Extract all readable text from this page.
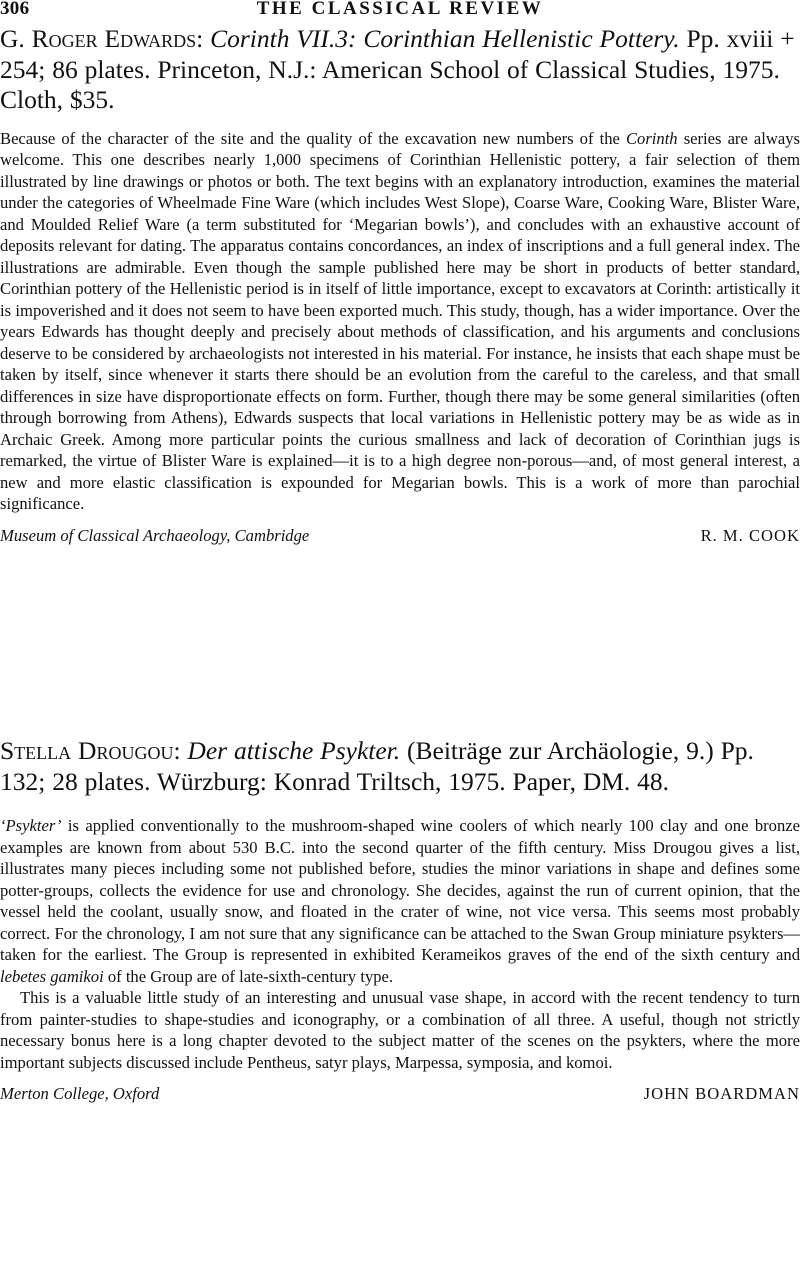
306	THE CLASSICAL REVIEW
G. Roger Edwards: Corinth VII.3: Corinthian Hellenistic Pottery. Pp. xviii + 254; 86 plates. Princeton, N.J.: American School of Classical Studies, 1975. Cloth, $35.

Because of the character of the site and the quality of the excavation new numbers of the Corinth series are always welcome. This one describes nearly 1,000 specimens of Corinthian Hellenistic pottery, a fair selection of them illustrated by line drawings or photos or both. The text begins with an explanatory introduction, examines the material under the categories of Wheelmade Fine Ware (which includes West Slope), Coarse Ware, Cooking Ware, Blister Ware, and Moulded Relief Ware (a term substituted for ‘Megarian bowls’), and concludes with an exhaustive account of deposits relevant for dating. The apparatus contains concordances, an index of inscriptions and a full general index. The illustrations are admirable. Even though the sample published here may be short in products of better standard, Corinthian pottery of the Hellenistic period is in itself of little importance, except to excavators at Corinth: artistically it is impoverished and it does not seem to have been exported much. This study, though, has a wider importance. Over the years Edwards has thought deeply and precisely about methods of classification, and his arguments and conclusions deserve to be considered by archaeologists not interested in his material. For instance, he insists that each shape must be taken by itself, since whenever it starts there should be an evolution from the careful to the careless, and that small differences in size have disproportionate effects on form. Further, though there may be some general similarities (often through borrowing from Athens), Edwards suspects that local variations in Hellenistic pottery may be as wide as in Archaic Greek. Among more particular points the curious smallness and lack of decoration of Corinthian jugs is remarked, the virtue of Blister Ware is explained—it is to a high degree non-porous—and, of most general interest, a new and more elastic classification is expounded for Megarian bowls. This is a work of more than parochial significance.

Museum of Classical Archaeology, Cambridge	R. M. COOK
Stella Drougou: Der attische Psykter. (Beiträge zur Archäologie, 9.) Pp. 132; 28 plates. Würzburg: Konrad Triltsch, 1975. Paper, DM. 48.

‘Psykter’ is applied conventionally to the mushroom-shaped wine coolers of which nearly 100 clay and one bronze examples are known from about 530 B.C. into the second quarter of the fifth century. Miss Drougou gives a list, illustrates many pieces including some not published before, studies the minor variations in shape and defines some potter-groups, collects the evidence for use and chronology. She decides, against the run of current opinion, that the vessel held the coolant, usually snow, and floated in the crater of wine, not vice versa. This seems most probably correct. For the chronology, I am not sure that any significance can be attached to the Swan Group miniature psykters—taken for the earliest. The Group is represented in exhibited Kerameikos graves of the end of the sixth century and lebetes gamikoi of the Group are of late-sixth-century type.

This is a valuable little study of an interesting and unusual vase shape, in accord with the recent tendency to turn from painter-studies to shape-studies and iconography, or a combination of all three. A useful, though not strictly necessary bonus here is a long chapter devoted to the subject matter of the scenes on the psykters, where the more important subjects discussed include Pentheus, satyr plays, Marpessa, symposia, and komoi.

Merton College, Oxford	JOHN BOARDMAN
